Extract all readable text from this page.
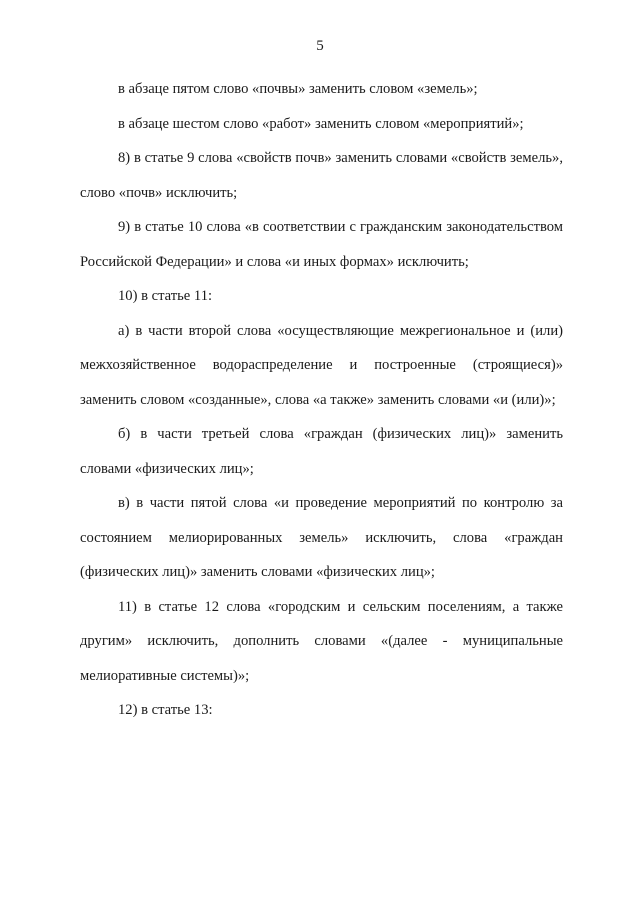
5

в абзаце пятом слово «почвы» заменить словом «земель»;

в абзаце шестом слово «работ» заменить словом «мероприятий»;

8) в статье 9 слова «свойств почв» заменить словами «свойств земель», слово «почв» исключить;

9) в статье 10 слова «в соответствии с гражданским законодательством Российской Федерации» и слова «и иных формах» исключить;

10) в статье 11:

а) в части второй слова «осуществляющие межрегиональное и (или) межхозяйственное водораспределение и построенные (строящиеся)» заменить словом «созданные», слова «а также» заменить словами «и (или)»;

б) в части третьей слова «граждан (физических лиц)» заменить словами «физических лиц»;

в) в части пятой слова «и проведение мероприятий по контролю за состоянием мелиорированных земель» исключить, слова «граждан (физических лиц)» заменить словами «физических лиц»;

11) в статье 12 слова «городским и сельским поселениям, а также другим» исключить, дополнить словами «(далее - муниципальные мелиоративные системы)»;

12) в статье 13:
